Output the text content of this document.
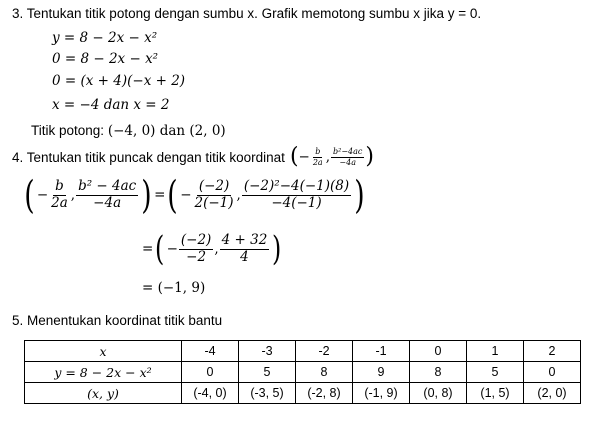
3. Tentukan titik potong dengan sumbu x. Grafik memotong sumbu x jika y = 0.
y = 8 − 2x − x²
0 = 8 − 2x − x²
0 = (x + 4)(−x + 2)
x = −4 dan x = 2
Titik potong: (−4, 0) dan (2, 0)
4. Tentukan titik puncak dengan titik koordinat ( − $\frac{b}{2a}$ , $\frac{\text{b²−4ac}}{-4a}$ )
( − $\frac{b}{2a}$ , $\frac{\text{b² − 4ac}}{-4a}$ ) = ( − $\frac{(-2)}{2(-1)}$ , $\frac{\text{(−2)²−4(−1)(8)}}{-4(-1)}$ )
= ( − $\frac{(-2)}{-2}$ , $\frac{4 + 32}{4}$ )
= (−1, 9)
5. Menentukan koordinat titik bantu
x	-4	-3	-2	-1	0	1	2
y = 8 − 2x − x²	0	5	8	9	8	5	0
(x, y)	(-4, 0)	(-3, 5)	(-2, 8)	(-1, 9)	(0, 8)	(1, 5)	(2, 0)
